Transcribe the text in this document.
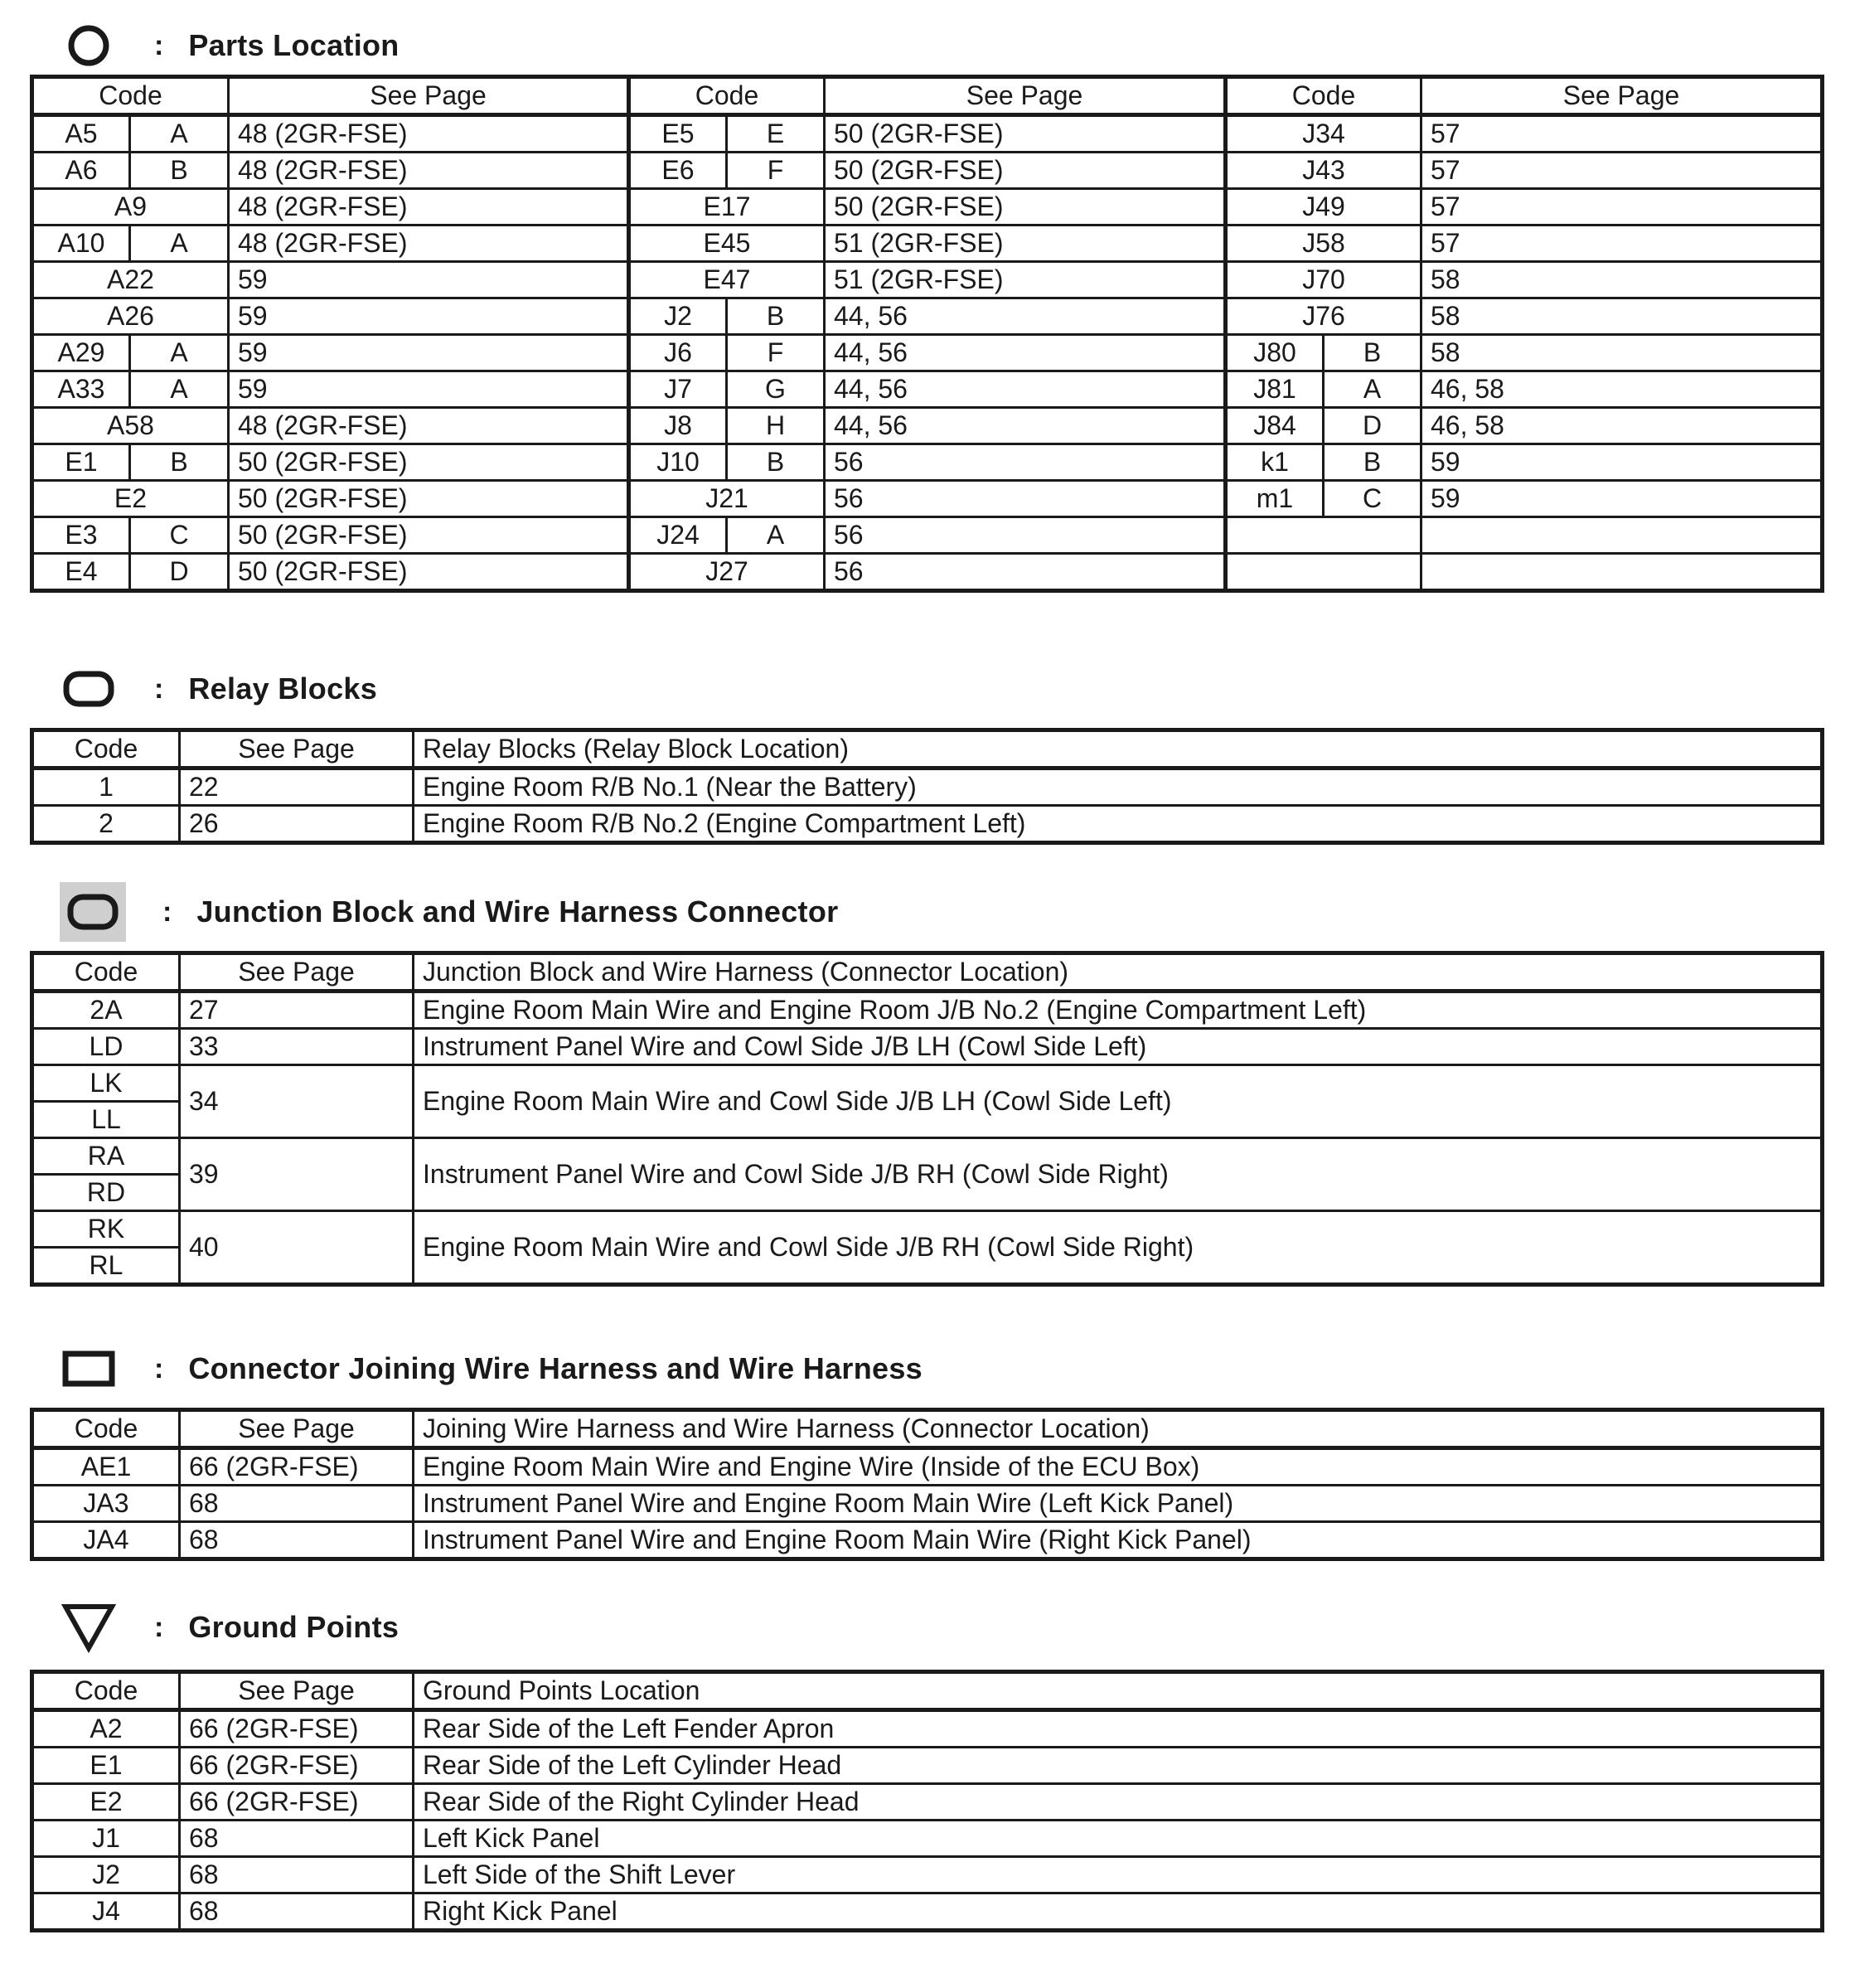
: Parts Location
Code		See Page	Code		See Page	Code		See Page
A5	A	48 (2GR-FSE)	E5	E	50 (2GR-FSE)	J34		57
A6	B	48 (2GR-FSE)	E6	F	50 (2GR-FSE)	J43		57
A9		48 (2GR-FSE)	E17		50 (2GR-FSE)	J49		57
A10	A	48 (2GR-FSE)	E45		51 (2GR-FSE)	J58		57
A22		59	E47		51 (2GR-FSE)	J70		58
A26		59	J2	B	44, 56	J76		58
A29	A	59	J6	F	44, 56	J80	B	58
A33	A	59	J7	G	44, 56	J81	A	46, 58
A58		48 (2GR-FSE)	J8	H	44, 56	J84	D	46, 58
E1	B	50 (2GR-FSE)	J10	B	56	k1	B	59
E2		50 (2GR-FSE)	J21		56	m1	C	59
E3	C	50 (2GR-FSE)	J24	A	56			
E4	D	50 (2GR-FSE)	J27		56			
: Relay Blocks
Code	See Page	Relay Blocks (Relay Block Location)
1	22	Engine Room R/B No.1 (Near the Battery)
2	26	Engine Room R/B No.2 (Engine Compartment Left)
: Junction Block and Wire Harness Connector
Code	See Page	Junction Block and Wire Harness (Connector Location)
2A	27	Engine Room Main Wire and Engine Room J/B No.2 (Engine Compartment Left)
LD	33	Instrument Panel Wire and Cowl Side J/B LH (Cowl Side Left)
LK	34	Engine Room Main Wire and Cowl Side J/B LH (Cowl Side Left)
LL		
RA	39	Instrument Panel Wire and Cowl Side J/B RH (Cowl Side Right)
RD		
RK	40	Engine Room Main Wire and Cowl Side J/B RH (Cowl Side Right)
RL		
: Connector Joining Wire Harness and Wire Harness
Code	See Page	Joining Wire Harness and Wire Harness (Connector Location)
AE1	66 (2GR-FSE)	Engine Room Main Wire and Engine Wire (Inside of the ECU Box)
JA3	68	Instrument Panel Wire and Engine Room Main Wire (Left Kick Panel)
JA4	68	Instrument Panel Wire and Engine Room Main Wire (Right Kick Panel)
: Ground Points
Code	See Page	Ground Points Location
A2	66 (2GR-FSE)	Rear Side of the Left Fender Apron
E1	66 (2GR-FSE)	Rear Side of the Left Cylinder Head
E2	66 (2GR-FSE)	Rear Side of the Right Cylinder Head
J1	68	Left Kick Panel
J2	68	Left Side of the Shift Lever
J4	68	Right Kick Panel
